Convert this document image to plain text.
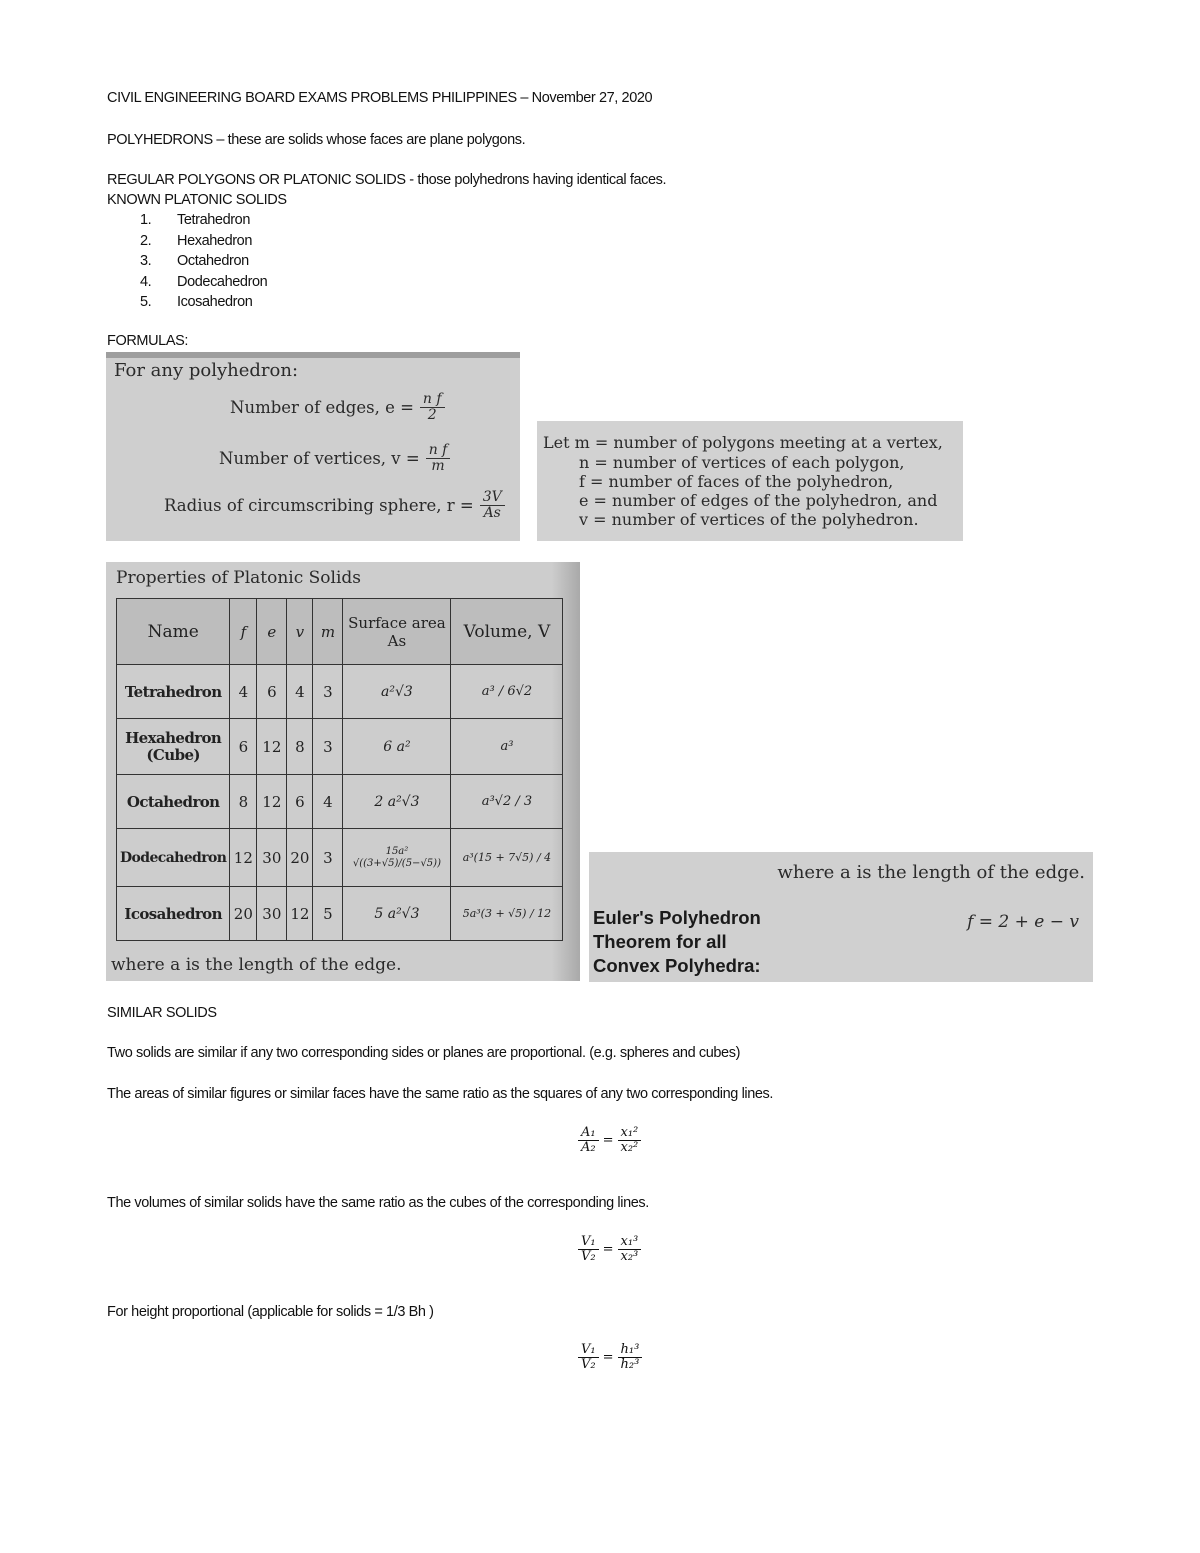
CIVIL ENGINEERING BOARD EXAMS PROBLEMS PHILIPPINES – November 27, 2020
POLYHEDRONS – these are solids whose faces are plane polygons.
REGULAR POLYGONS OR PLATONIC SOLIDS - those polyhedrons having identical faces.
KNOWN PLATONIC SOLIDS
1.	Tetrahedron
2.	Hexahedron
3.	Octahedron
4.	Dodecahedron
5.	Icosahedron
FORMULAS:
For any polyhedron:
Number of edges, $e = \frac{\text{n f}}{2}$
Number of vertices, $v = \frac{\text{n f}}{m}$
Radius of circumscribing sphere, $r = \frac{3V}{As}$
Let m = number of polygons meeting at a vertex,
n = number of vertices of each polygon,
f = number of faces of the polyhedron,
e = number of edges of the polyhedron, and
v = number of vertices of the polyhedron.
Properties of Platonic Solids
Name	f	e	v	m	Surface area As	Volume, V
Tetrahedron	4	6	4	3	a²√3	a³ / 6√2
Hexahedron (Cube)	6	12	8	3	6 a²	a³
Octahedron	8	12	6	4	2 a²√3	a³√2 / 3
Dodecahedron	12	30	20	3	15a² √((3+√5)/(5−√5))	a³(15 + 7√5) / 4
Icosahedron	20	30	12	5	5 a²√3	5a³(3 + √5) / 12
where a is the length of the edge.
where a is the length of the edge.
Euler's Polyhedron
Theorem for all
Convex Polyhedra:
f = 2 + e − v
SIMILAR SOLIDS
Two solids are similar if any two corresponding sides or planes are proportional. (e.g. spheres and cubes)
The areas of similar figures or similar faces have the same ratio as the squares of any two corresponding lines.
$\frac{\text{A₁}}{\text{A₂}} = \frac{\text{x₁²}}{\text{x₂²}}$
The volumes of similar solids have the same ratio as the cubes of the corresponding lines.
$\frac{\text{V₁}}{\text{V₂}} = \frac{\text{x₁³}}{\text{x₂³}}$
For height proportional (applicable for solids = 1/3 Bh )
$\frac{\text{V₁}}{\text{V₂}} = \frac{\text{h₁³}}{\text{h₂³}}$
